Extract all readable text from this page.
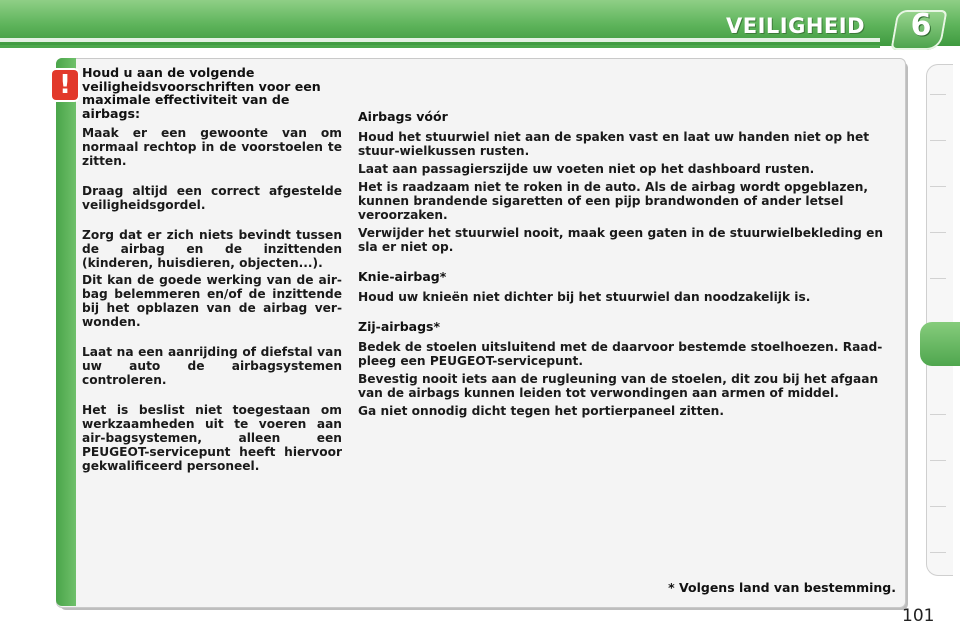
VEILIGHEID	6
! Houd u aan de volgende veiligheidsvoorschriften voor een maximale effectiviteit van de airbags:

Maak er een gewoonte van om normaal rechtop in de voorstoelen te zitten.

Draag altijd een correct afgestelde veiligheidsgordel.

Zorg dat er zich niets bevindt tussen de airbag en de inzittenden (kinderen, huisdieren, objecten...).

Dit kan de goede werking van de air-bag belemmeren en/of de inzittende bij het opblazen van de airbag ver-wonden.

Laat na een aanrijding of diefstal van uw auto de airbagsystemen controleren.

Het is beslist niet toegestaan om werkzaamheden uit te voeren aan air-bagsystemen, alleen een PEUGEOT-servicepunt heeft hiervoor gekwalificeerd personeel.

Airbags vóór

Houd het stuurwiel niet aan de spaken vast en laat uw handen niet op het stuur-wielkussen rusten.

Laat aan passagierszijde uw voeten niet op het dashboard rusten.

Het is raadzaam niet te roken in de auto. Als de airbag wordt opgeblazen, kunnen brandende sigaretten of een pijp brandwonden of ander letsel veroorzaken.

Verwijder het stuurwiel nooit, maak geen gaten in de stuurwielbekleding en sla er niet op.

Knie-airbag*

Houd uw knieën niet dichter bij het stuurwiel dan noodzakelijk is.

Zij-airbags*

Bedek de stoelen uitsluitend met de daarvoor bestemde stoelhoezen. Raad-pleeg een PEUGEOT-servicepunt.

Bevestig nooit iets aan de rugleuning van de stoelen, dit zou bij het afgaan van de airbags kunnen leiden tot verwondingen aan armen of middel.

Ga niet onnodig dicht tegen het portierpaneel zitten.

* Volgens land van bestemming.
101
